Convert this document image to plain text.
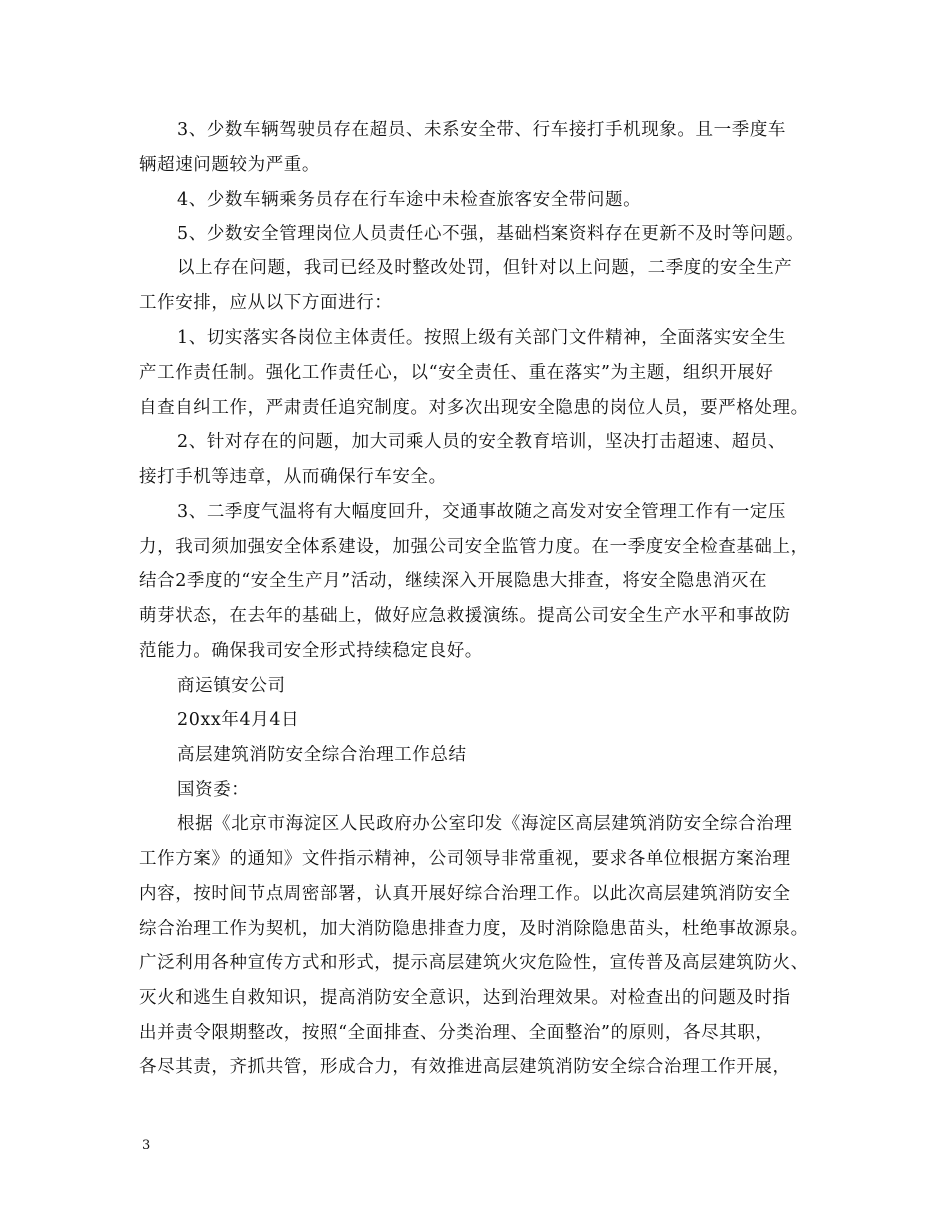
3、少数车辆驾驶员存在超员、未系安全带、行车接打手机现象。且一季度车
辆超速问题较为严重。
4、少数车辆乘务员存在行车途中未检查旅客安全带问题。
5、少数安全管理岗位人员责任心不强，基础档案资料存在更新不及时等问题。
以上存在问题，我司已经及时整改处罚，但针对以上问题，二季度的安全生产
工作安排，应从以下方面进行：
1、切实落实各岗位主体责任。按照上级有关部门文件精神，全面落实安全生
产工作责任制。强化工作责任心，以“安全责任、重在落实”为主题，组织开展好
自查自纠工作，严肃责任追究制度。对多次出现安全隐患的岗位人员，要严格处理。
2、针对存在的问题，加大司乘人员的安全教育培训，坚决打击超速、超员、
接打手机等违章，从而确保行车安全。
3、二季度气温将有大幅度回升，交通事故随之高发对安全管理工作有一定压
力，我司须加强安全体系建设，加强公司安全监管力度。在一季度安全检查基础上，
结合2季度的“安全生产月”活动，继续深入开展隐患大排查，将安全隐患消灭在
萌芽状态，在去年的基础上，做好应急救援演练。提高公司安全生产水平和事故防
范能力。确保我司安全形式持续稳定良好。
商运镇安公司
20xx年4月4日
高层建筑消防安全综合治理工作总结
国资委：
根据《北京市海淀区人民政府办公室印发《海淀区高层建筑消防安全综合治理
工作方案》的通知》文件指示精神，公司领导非常重视，要求各单位根据方案治理
内容，按时间节点周密部署，认真开展好综合治理工作。以此次高层建筑消防安全
综合治理工作为契机，加大消防隐患排查力度，及时消除隐患苗头，杜绝事故源泉。
广泛利用各种宣传方式和形式，提示高层建筑火灾危险性，宣传普及高层建筑防火、
灭火和逃生自救知识，提高消防安全意识，达到治理效果。对检查出的问题及时指
出并责令限期整改，按照“全面排查、分类治理、全面整治”的原则，各尽其职，
各尽其责，齐抓共管，形成合力，有效推进高层建筑消防安全综合治理工作开展，
3
